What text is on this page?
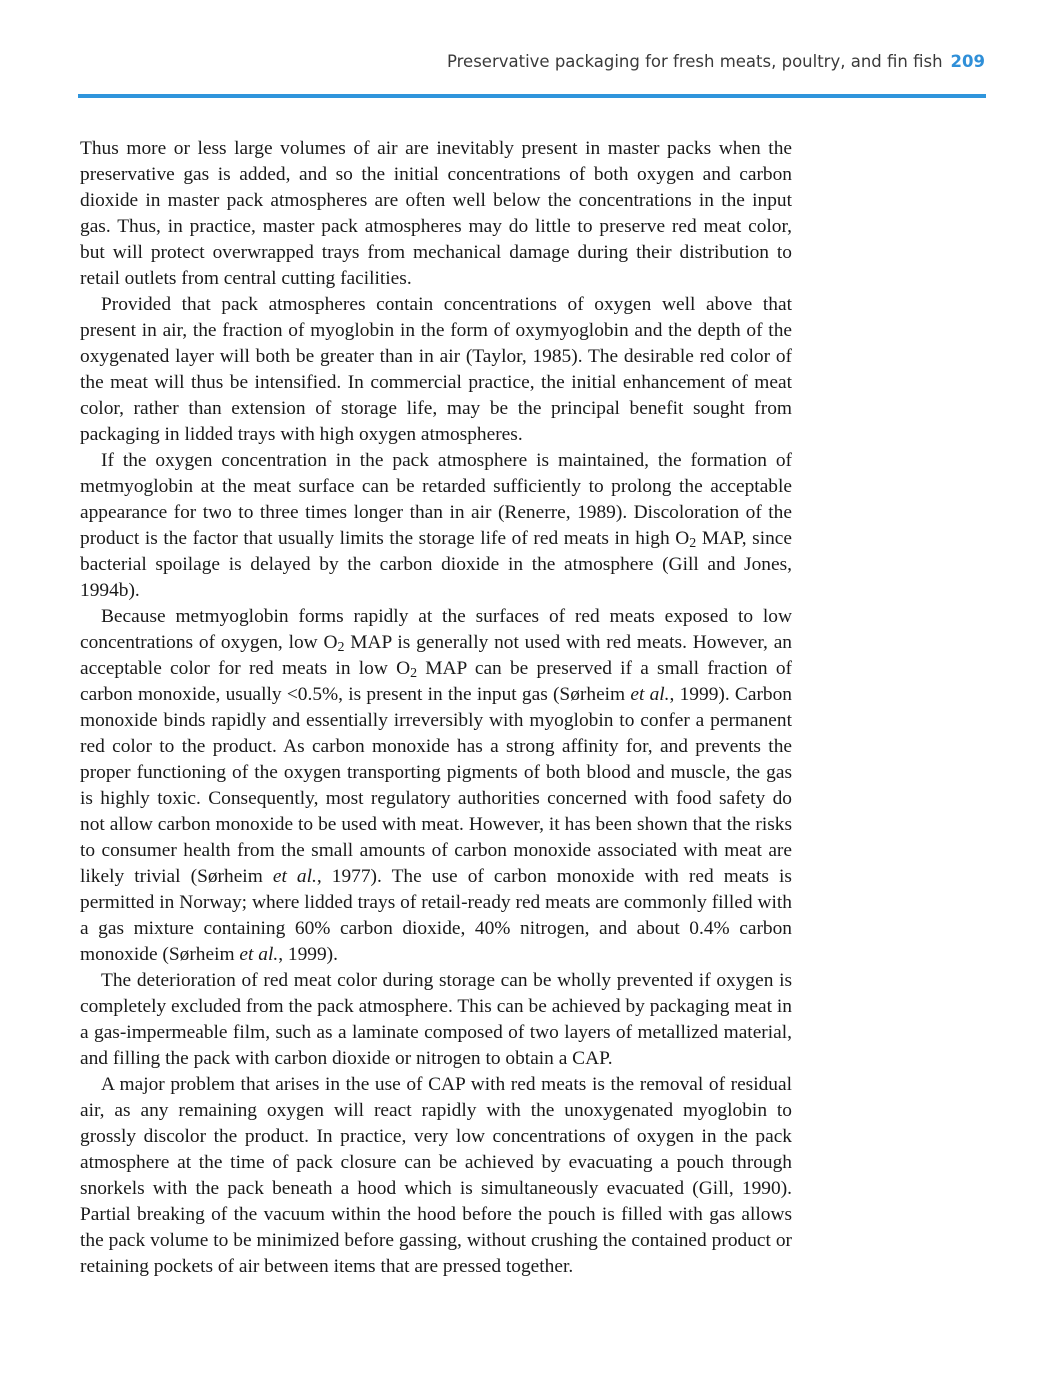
Preservative packaging for fresh meats, poultry, and fin fish 209

Thus more or less large volumes of air are inevitably present in master packs when the preservative gas is added, and so the initial concentrations of both oxygen and carbon dioxide in master pack atmospheres are often well below the concentrations in the input gas. Thus, in practice, master pack atmospheres may do little to preserve red meat color, but will protect overwrapped trays from mechanical damage during their distribution to retail outlets from central cutting facilities.

Provided that pack atmospheres contain concentrations of oxygen well above that present in air, the fraction of myoglobin in the form of oxymyoglobin and the depth of the oxygenated layer will both be greater than in air (Taylor, 1985). The desirable red color of the meat will thus be intensified. In commercial practice, the initial enhancement of meat color, rather than extension of storage life, may be the principal benefit sought from packaging in lidded trays with high oxygen atmospheres.

If the oxygen concentration in the pack atmosphere is maintained, the formation of metmyoglobin at the meat surface can be retarded sufficiently to prolong the acceptable appearance for two to three times longer than in air (Renerre, 1989). Discoloration of the product is the factor that usually limits the storage life of red meats in high $O_2$ MAP, since bacterial spoilage is delayed by the carbon dioxide in the atmosphere (Gill and Jones, 1994b).

Because metmyoglobin forms rapidly at the surfaces of red meats exposed to low concentrations of oxygen, low $O_2$ MAP is generally not used with red meats. However, an acceptable color for red meats in low $O_2$ MAP can be preserved if a small fraction of carbon monoxide, usually <0.5%, is present in the input gas (Sørheim et al., 1999). Carbon monoxide binds rapidly and essentially irreversibly with myoglobin to confer a permanent red color to the product. As carbon monoxide has a strong affinity for, and prevents the proper functioning of the oxygen transporting pigments of both blood and muscle, the gas is highly toxic. Consequently, most regulatory authorities concerned with food safety do not allow carbon monoxide to be used with meat. However, it has been shown that the risks to consumer health from the small amounts of carbon monoxide associated with meat are likely trivial (Sørheim et al., 1977). The use of carbon monoxide with red meats is permitted in Norway; where lidded trays of retail-ready red meats are commonly filled with a gas mixture containing 60% carbon dioxide, 40% nitrogen, and about 0.4% carbon monoxide (Sørheim et al., 1999).

The deterioration of red meat color during storage can be wholly prevented if oxygen is completely excluded from the pack atmosphere. This can be achieved by packaging meat in a gas-impermeable film, such as a laminate composed of two layers of metallized material, and filling the pack with carbon dioxide or nitrogen to obtain a CAP.

A major problem that arises in the use of CAP with red meats is the removal of residual air, as any remaining oxygen will react rapidly with the unoxygenated myoglobin to grossly discolor the product. In practice, very low concentrations of oxygen in the pack atmosphere at the time of pack closure can be achieved by evacuating a pouch through snorkels with the pack beneath a hood which is simultaneously evacuated (Gill, 1990). Partial breaking of the vacuum within the hood before the pouch is filled with gas allows the pack volume to be minimized before gassing, without crushing the contained product or retaining pockets of air between items that are pressed together.
